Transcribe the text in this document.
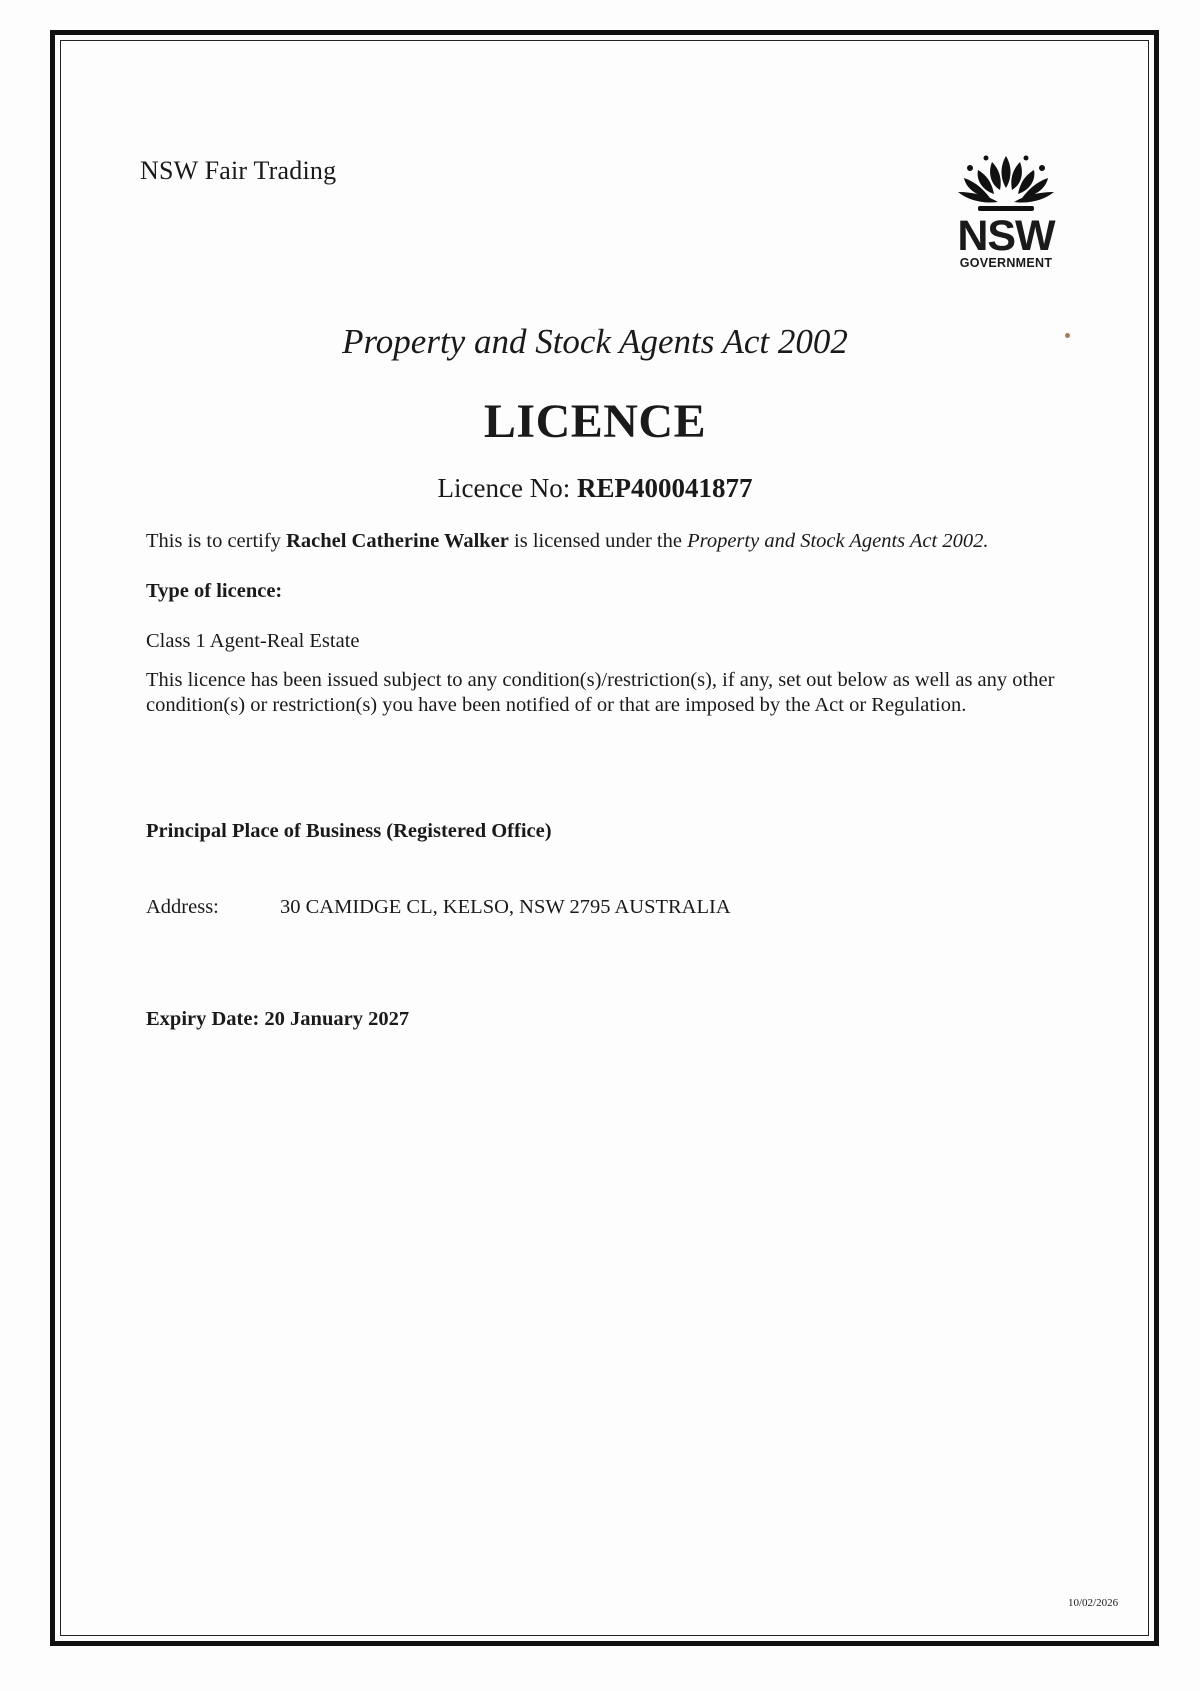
NSW Fair Trading
NSW
GOVERNMENT
Property and Stock Agents Act 2002
LICENCE
Licence No: REP400041877
This is to certify Rachel Catherine Walker is licensed under the Property and Stock Agents Act 2002.
Type of licence:
Class 1 Agent-Real Estate
This licence has been issued subject to any condition(s)/restriction(s), if any, set out below as well as any other condition(s) or restriction(s) you have been notified of or that are imposed by the Act or Regulation.
Principal Place of Business (Registered Office)
Address:	30 CAMIDGE CL, KELSO, NSW 2795 AUSTRALIA
Expiry Date: 20 January 2027
10/02/2026
